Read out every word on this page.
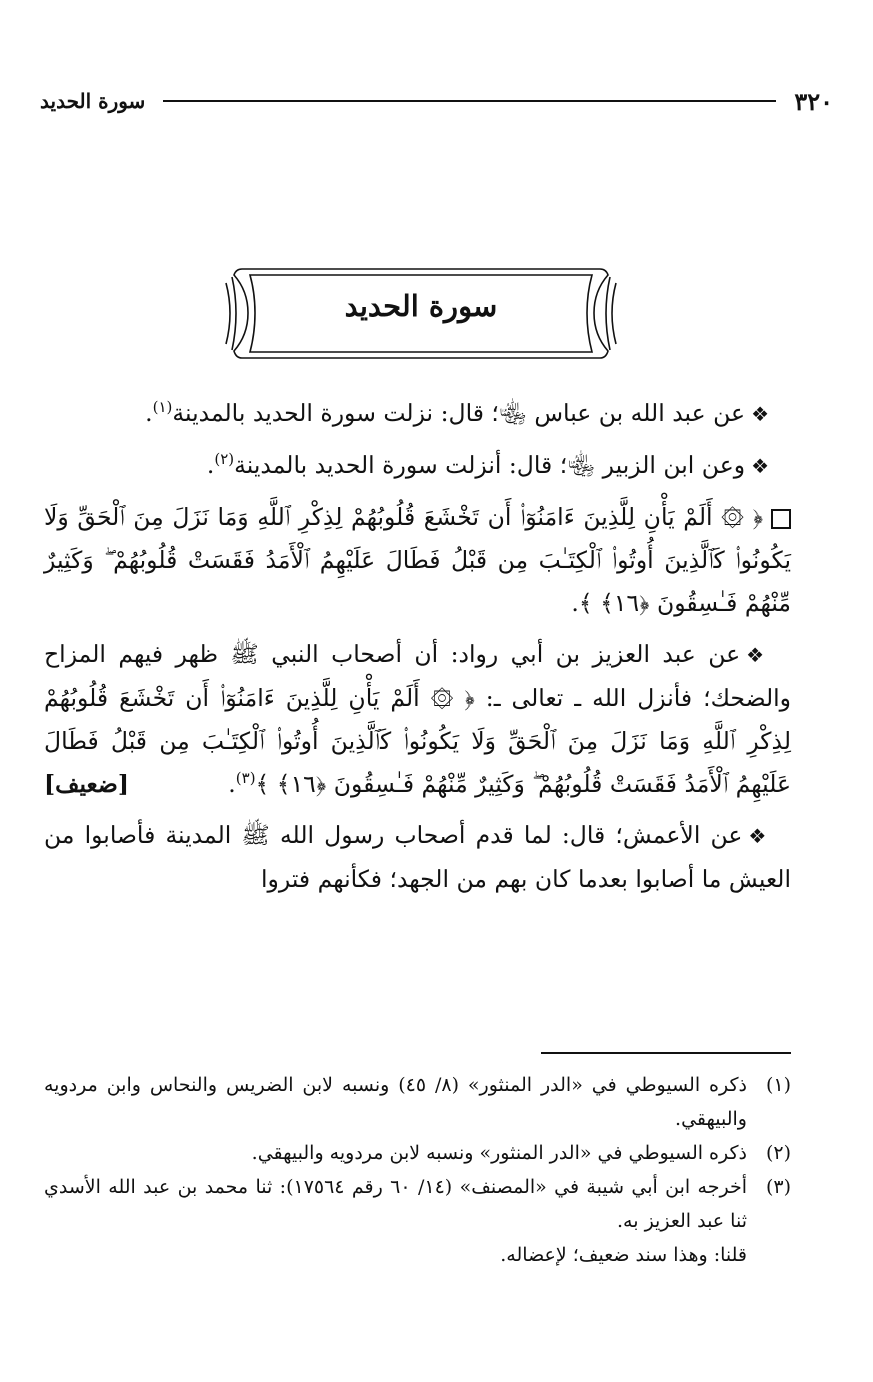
٣٢٠
سورة الحديد
سورة الحديد

❖عن عبد الله بن عباس ﵄؛ قال: نزلت سورة الحديد بالمدينة$^{(١)}$.

❖وعن ابن الزبير ﵄؛ قال: أنزلت سورة الحديد بالمدينة$^{(٢)}$.

﴿ ۞ أَلَمْ يَأْنِ لِلَّذِينَ ءَامَنُوٓا۟ أَن تَخْشَعَ قُلُوبُهُمْ لِذِكْرِ ٱللَّهِ وَمَا نَزَلَ مِنَ ٱلْحَقِّ وَلَا يَكُونُوا۟ كَٱلَّذِينَ أُوتُوا۟ ٱلْكِتَـٰبَ مِن قَبْلُ فَطَالَ عَلَيْهِمُ ٱلْأَمَدُ فَقَسَتْ قُلُوبُهُمْ ۖ وَكَثِيرٌ مِّنْهُمْ فَـٰسِقُونَ ﴿١٦﴾ ﴾.

❖عن عبد العزيز بن أبي رواد: أن أصحاب النبي ﷺ ظهر فيهم المزاح والضحك؛ فأنزل الله ـ تعالى ـ: ﴿ ۞ أَلَمْ يَأْنِ لِلَّذِينَ ءَامَنُوٓا۟ أَن تَخْشَعَ قُلُوبُهُمْ لِذِكْرِ ٱللَّهِ وَمَا نَزَلَ مِنَ ٱلْحَقِّ وَلَا يَكُونُوا۟ كَٱلَّذِينَ أُوتُوا۟ ٱلْكِتَـٰبَ مِن قَبْلُ فَطَالَ عَلَيْهِمُ ٱلْأَمَدُ فَقَسَتْ قُلُوبُهُمْ ۖ وَكَثِيرٌ مِّنْهُمْ فَـٰسِقُونَ ﴿١٦﴾ ﴾$^{(٣)}$.
[ضعيف]

❖عن الأعمش؛ قال: لما قدم أصحاب رسول الله ﷺ المدينة فأصابوا من العيش ما أصابوا بعدما كان بهم من الجهد؛ فكأنهم فتروا

(١)
ذكره السيوطي في «الدر المنثور» (٨/ ٤٥) ونسبه لابن الضريس والنحاس وابن مردويه والبيهقي.
(٢)
ذكره السيوطي في «الدر المنثور» ونسبه لابن مردويه والبيهقي.
(٣)
أخرجه ابن أبي شيبة في «المصنف» (١٤/ ٦٠ رقم ١٧٥٦٤): ثنا محمد بن عبد الله الأسدي ثنا عبد العزيز به.
قلنا: وهذا سند ضعيف؛ لإعضاله.
